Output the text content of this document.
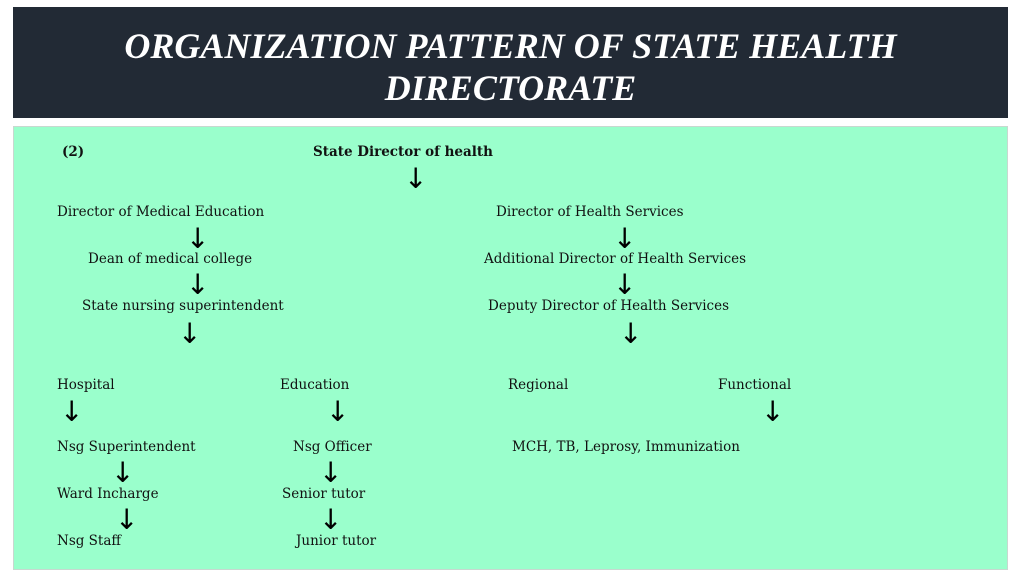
ORGANIZATION PATTERN OF STATE HEALTH DIRECTORATE
(2)	State Director of health
↓
Director of Medical Education
↓
Dean of medical college
↓
State nursing superintendent
↓
Director of Health Services
↓
Additional Director of Health Services
↓
Deputy Director of Health Services
↓
Hospital
↓
Nsg Superintendent
↓
Ward Incharge
↓
Nsg Staff
Education
↓
Nsg Officer
↓
Senior tutor
↓
Junior tutor
Regional	Functional
↓
MCH, TB, Leprosy, Immunization
